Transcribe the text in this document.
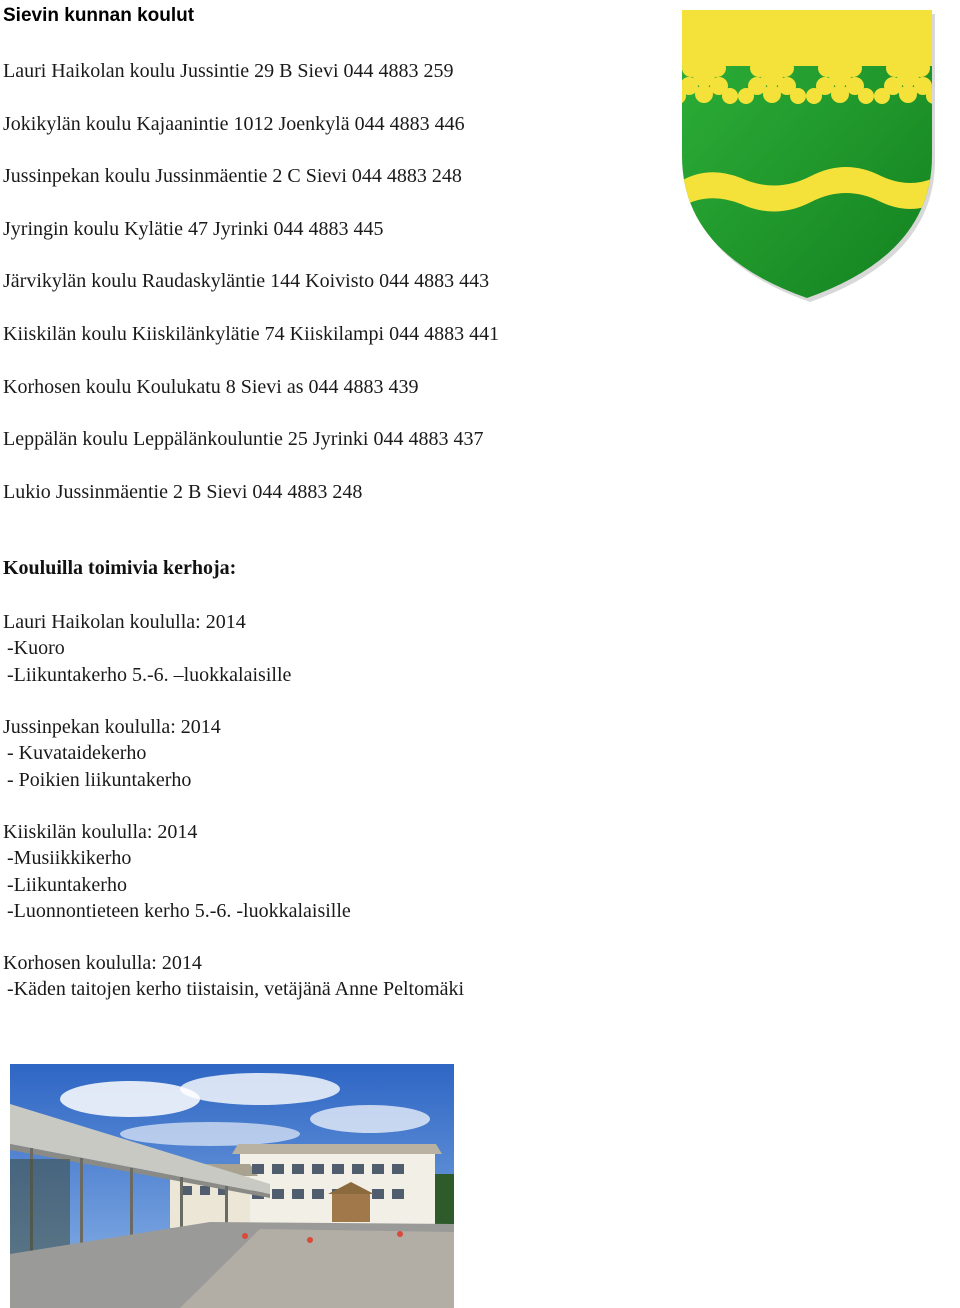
Sievin kunnan koulut
Lauri Haikolan koulu Jussintie 29 B Sievi 044 4883 259
Jokikylän koulu Kajaanintie 1012 Joenkylä 044 4883 446
Jussinpekan koulu Jussinmäentie 2 C Sievi 044 4883 248
Jyringin koulu Kylätie 47 Jyrinki 044 4883 445
Järvikylän koulu Raudaskyläntie 144 Koivisto 044 4883 443
Kiiskilän koulu Kiiskilänkylätie 74 Kiiskilampi 044 4883 441
Korhosen koulu Koulukatu 8 Sievi as 044 4883 439
Leppälän koulu Leppälänkouluntie 25 Jyrinki 044 4883 437
Lukio Jussinmäentie 2 B Sievi 044 4883 248
Kouluilla toimivia kerhoja:
Lauri Haikolan koululla: 2014
-Kuoro
-Liikuntakerho 5.-6. –luokkalaisille
Jussinpekan koululla: 2014
- Kuvataidekerho
- Poikien liikuntakerho
Kiiskilän koululla: 2014
-Musiikkikerho
-Liikuntakerho
-Luonnontieteen kerho 5.-6. -luokkalaisille
Korhosen koululla: 2014
-Käden taitojen kerho tiistaisin, vetäjänä Anne Peltomäki
